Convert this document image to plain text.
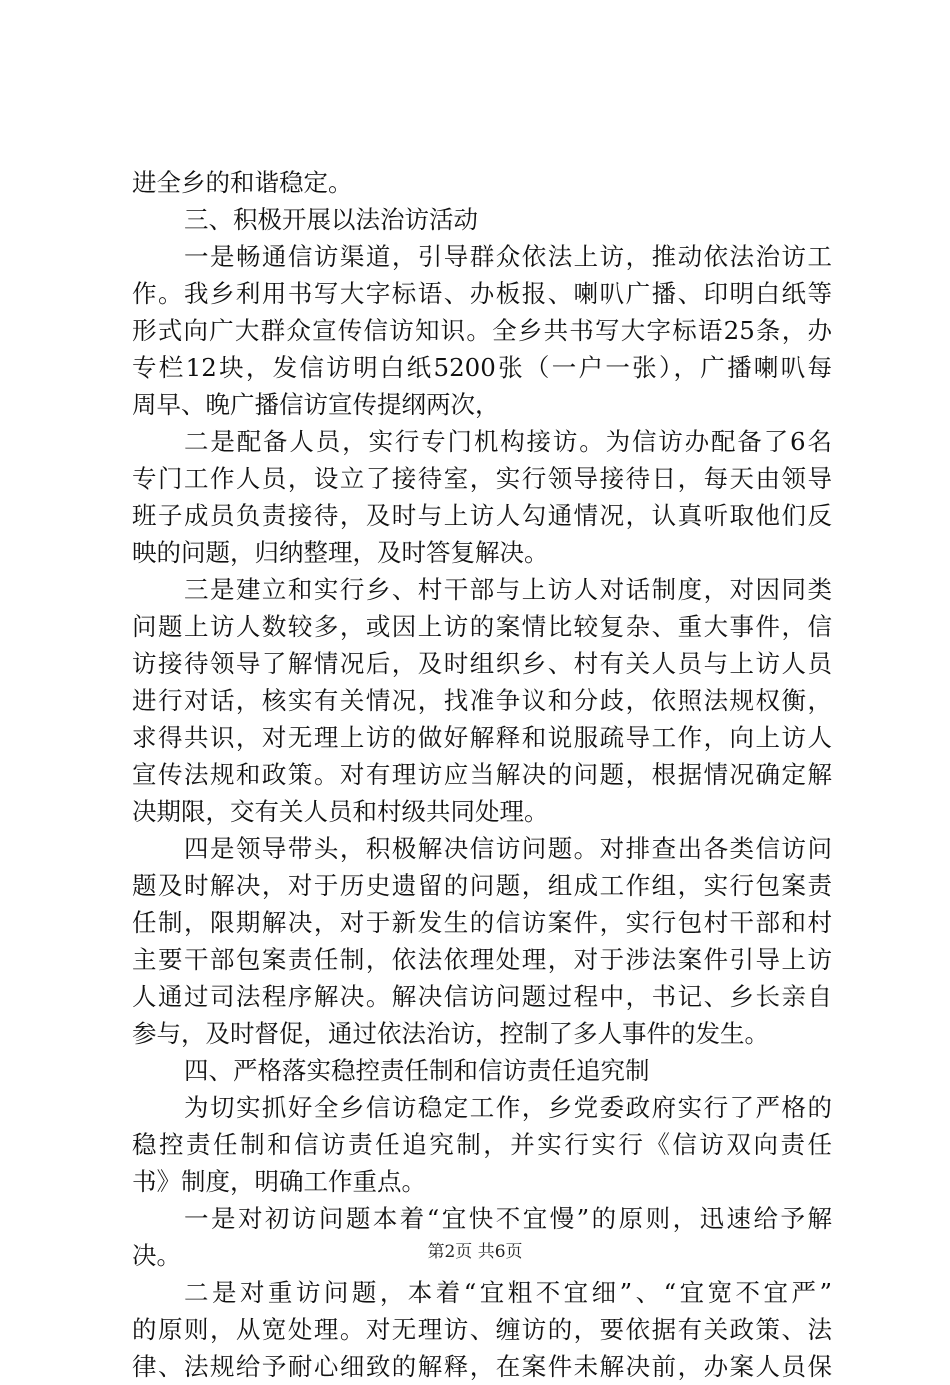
进全乡的和谐稳定。
三、积极开展以法治访活动
一是畅通信访渠道，引导群众依法上访，推动依法治访工
作。我乡利用书写大字标语、办板报、喇叭广播、印明白纸等
形式向广大群众宣传信访知识。全乡共书写大字标语25条，办
专栏12块，发信访明白纸5200张（一户一张），广播喇叭每
周早、晚广播信访宣传提纲两次，
二是配备人员，实行专门机构接访。为信访办配备了6名
专门工作人员，设立了接待室，实行领导接待日，每天由领导
班子成员负责接待，及时与上访人勾通情况，认真听取他们反
映的问题，归纳整理，及时答复解决。
三是建立和实行乡、村干部与上访人对话制度，对因同类
问题上访人数较多，或因上访的案情比较复杂、重大事件，信
访接待领导了解情况后，及时组织乡、村有关人员与上访人员
进行对话，核实有关情况，找准争议和分歧，依照法规权衡，
求得共识，对无理上访的做好解释和说服疏导工作，向上访人
宣传法规和政策。对有理访应当解决的问题，根据情况确定解
决期限，交有关人员和村级共同处理。
四是领导带头，积极解决信访问题。对排查出各类信访问
题及时解决，对于历史遗留的问题，组成工作组，实行包案责
任制，限期解决，对于新发生的信访案件，实行包村干部和村
主要干部包案责任制，依法依理处理，对于涉法案件引导上访
人通过司法程序解决。解决信访问题过程中，书记、乡长亲自
参与，及时督促，通过依法治访，控制了多人事件的发生。
四、严格落实稳控责任制和信访责任追究制
为切实抓好全乡信访稳定工作，乡党委政府实行了严格的
稳控责任制和信访责任追究制，并实行实行《信访双向责任
书》制度，明确工作重点。
一是对初访问题本着“宜快不宜慢”的原则，迅速给予解
决。
二是对重访问题，本着“宜粗不宜细”、“宜宽不宜严”
的原则，从宽处理。对无理访、缠访的，要依据有关政策、法
律、法规给予耐心细致的解释，在案件未解决前，办案人员保
第2页 共6页
